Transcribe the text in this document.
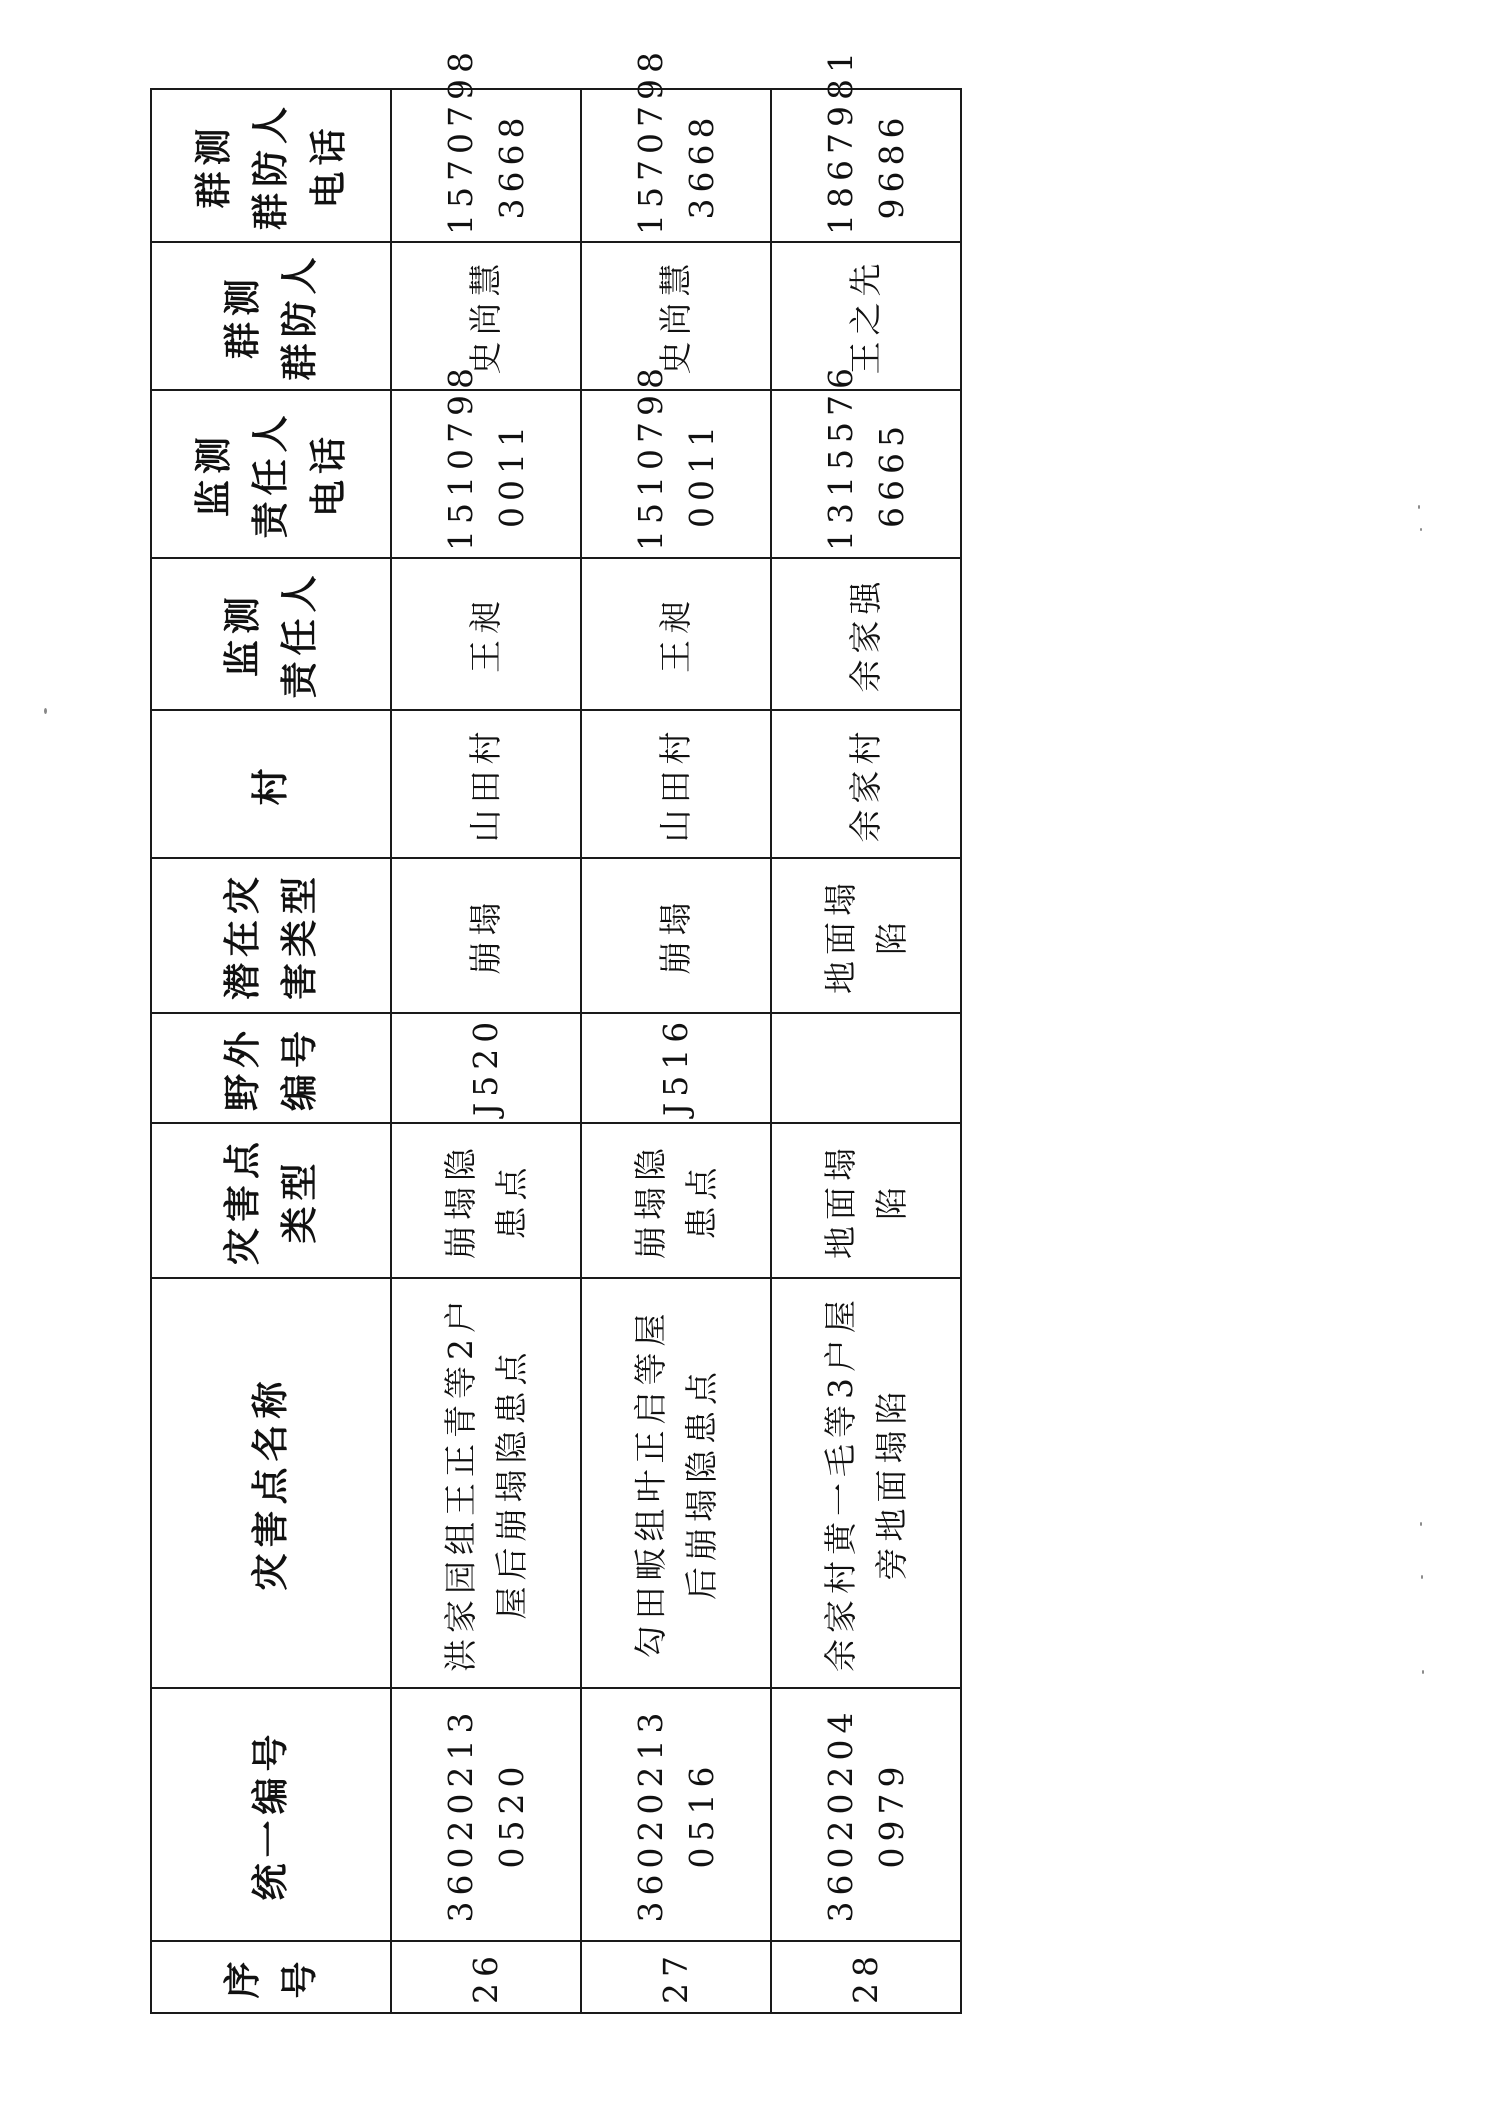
序 号	统一编号	灾害点名称	灾害点 类型	野外 编号	潜在灾 害类型	村	监测 责任人	监测 责任人 电话	群测 群防人	群测 群防人 电话

26	36020213 0520	洪家园组王正青等2户 屋后崩塌隐患点	崩塌隐 患点	J520	崩塌	山田村	王昶	1510798 0011	史尚慧	1570798 3668

27	36020213 0516	勾田畈组叶正启等屋 后崩塌隐患点	崩塌隐 患点	J516	崩塌	山田村	王昶	1510798 0011	史尚慧	1570798 3668

28	36020204 0979	余家村黄一毛等3户屋 旁地面塌陷	地面塌 陷		地面塌 陷	余家村	余家强	1315576 6665	王之先	1867981 9686
